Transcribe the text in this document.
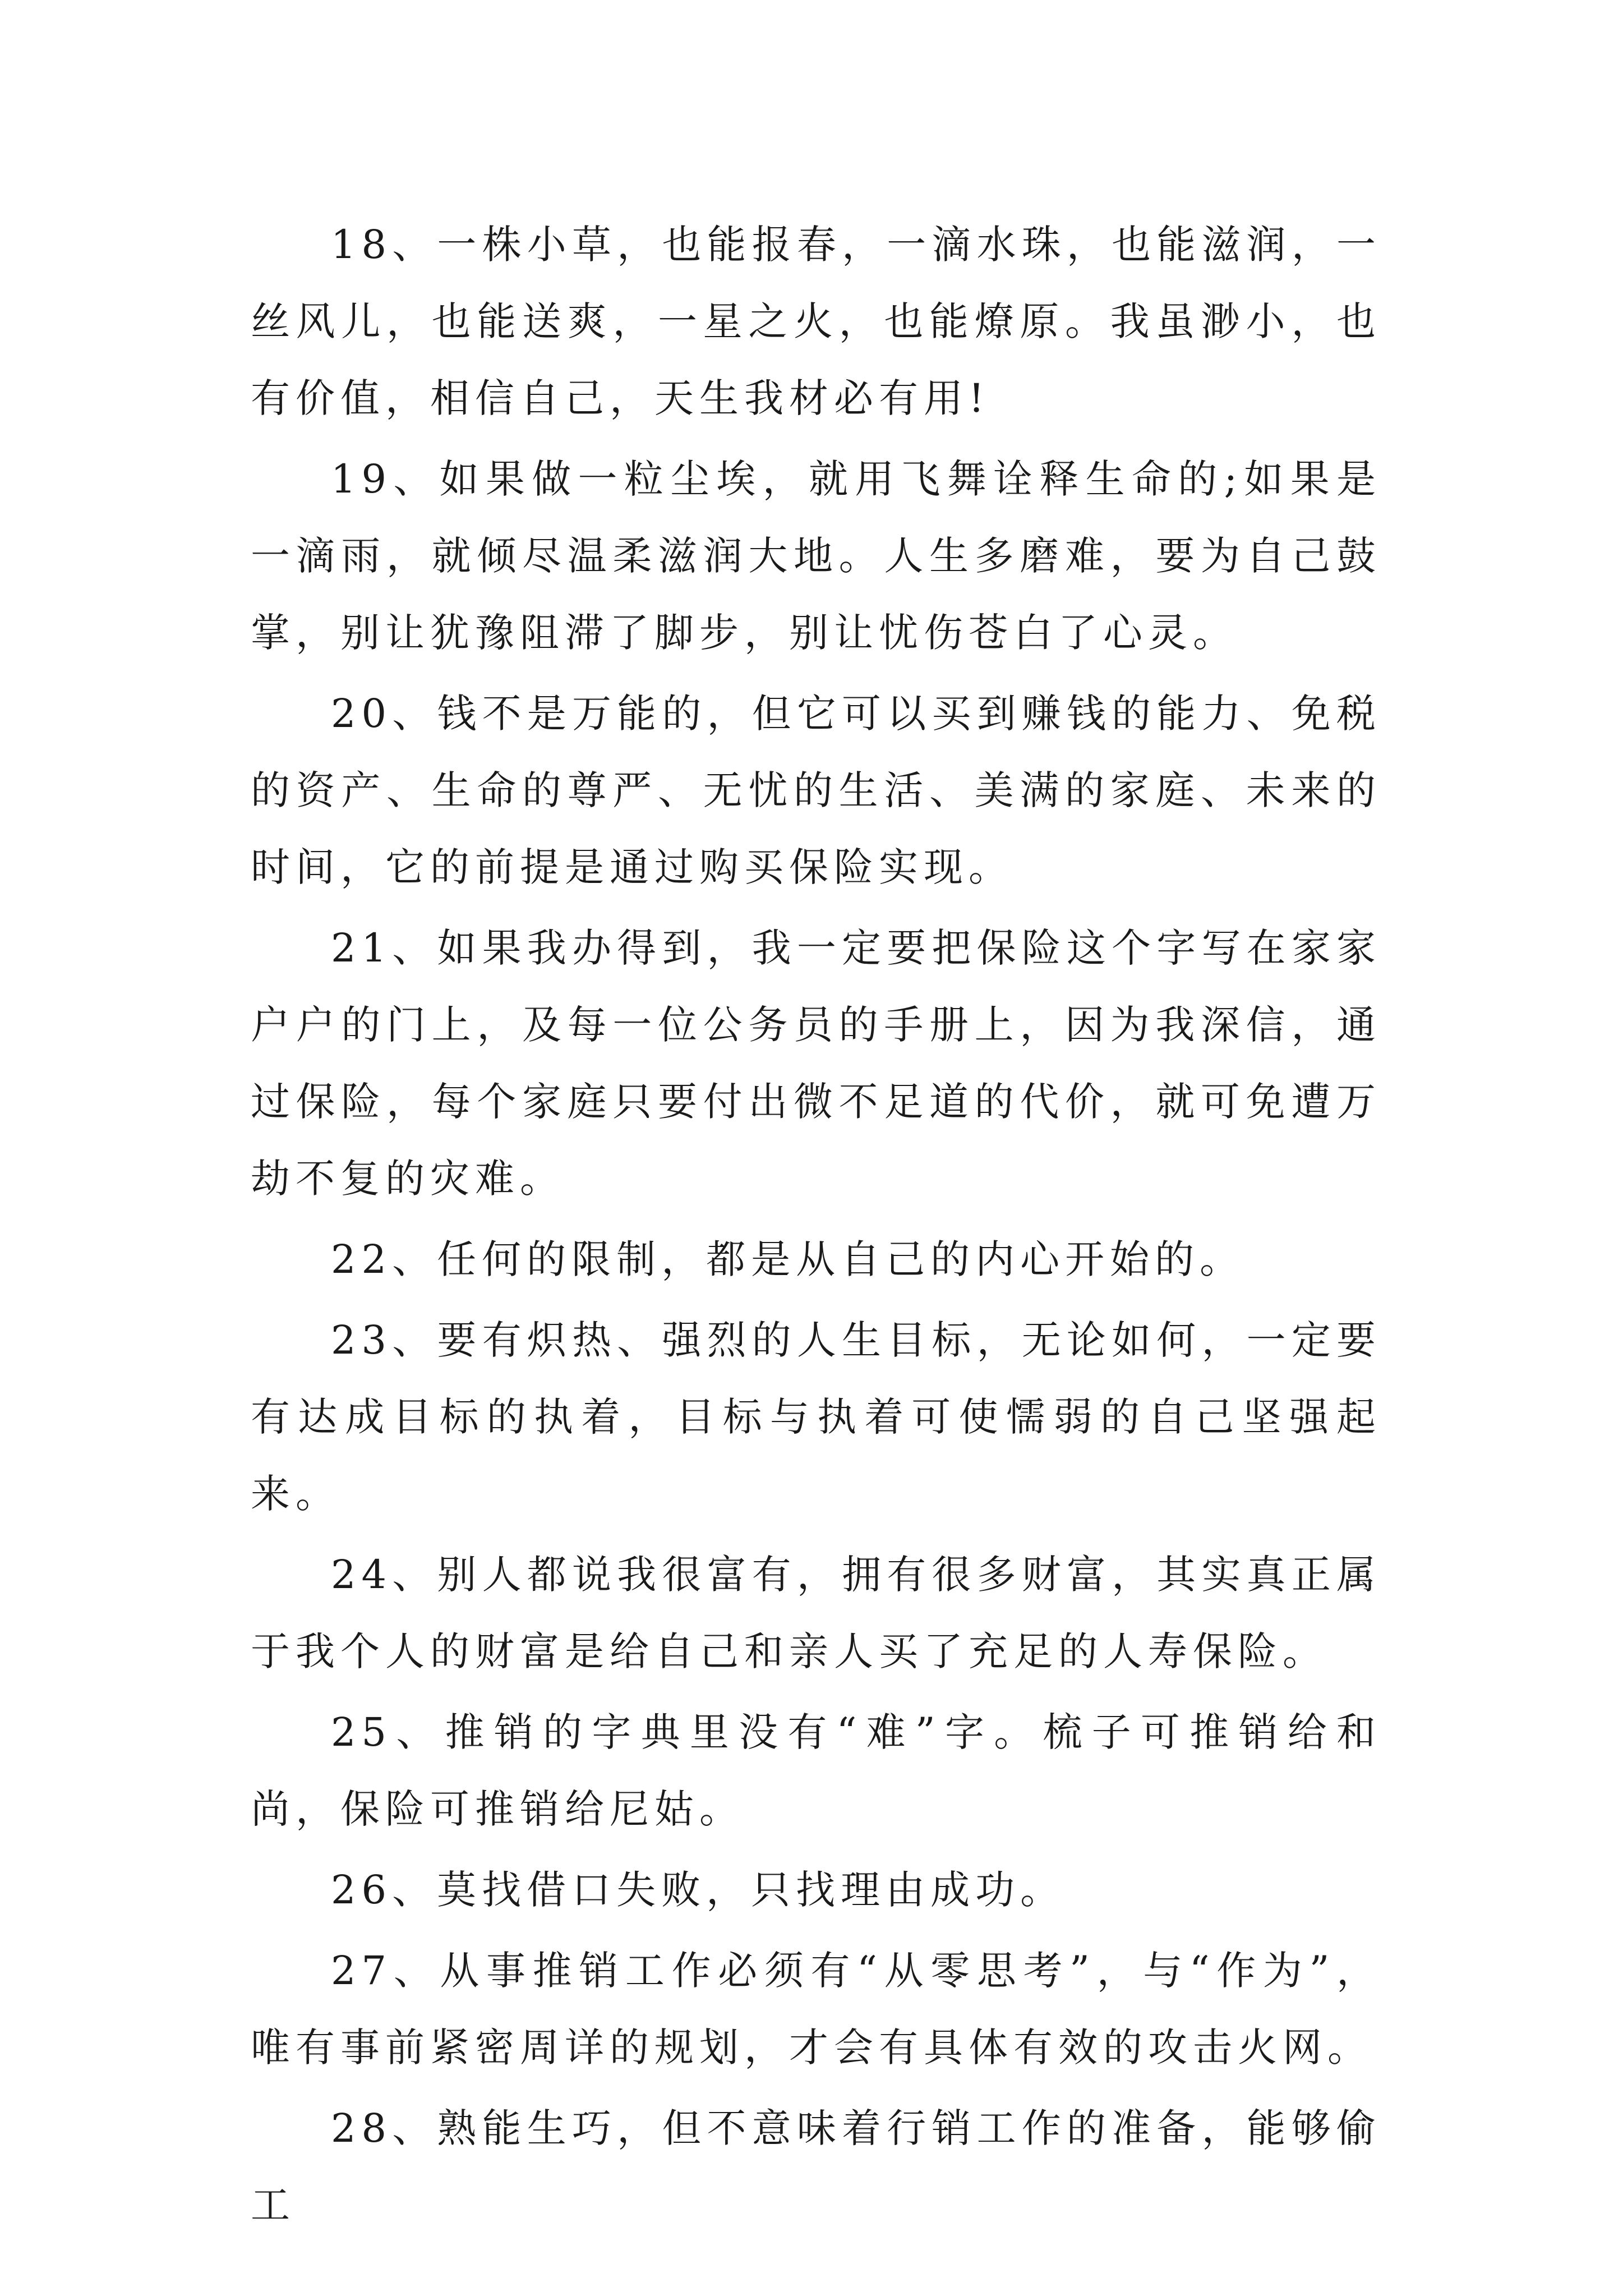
18、一株小草，也能报春，一滴水珠，也能滋润，一丝风儿，也能送爽，一星之火，也能燎原。我虽渺小，也有价值，相信自己，天生我材必有用!

19、如果做一粒尘埃，就用飞舞诠释生命的;如果是一滴雨，就倾尽温柔滋润大地。人生多磨难，要为自己鼓掌，别让犹豫阻滞了脚步，别让忧伤苍白了心灵。

20、钱不是万能的，但它可以买到赚钱的能力、免税的资产、生命的尊严、无忧的生活、美满的家庭、未来的时间，它的前提是通过购买保险实现。

21、如果我办得到，我一定要把保险这个字写在家家户户的门上，及每一位公务员的手册上，因为我深信，通过保险，每个家庭只要付出微不足道的代价，就可免遭万劫不复的灾难。

22、任何的限制，都是从自己的内心开始的。

23、要有炽热、强烈的人生目标，无论如何，一定要有达成目标的执着，目标与执着可使懦弱的自己坚强起来。

24、别人都说我很富有，拥有很多财富，其实真正属于我个人的财富是给自己和亲人买了充足的人寿保险。

25、推销的字典里没有“难”字。梳子可推销给和尚，保险可推销给尼姑。

26、莫找借口失败，只找理由成功。

27、从事推销工作必须有“从零思考”，与“作为”，唯有事前紧密周详的规划，才会有具体有效的攻击火网。

28、熟能生巧，但不意味着行销工作的准备，能够偷工
